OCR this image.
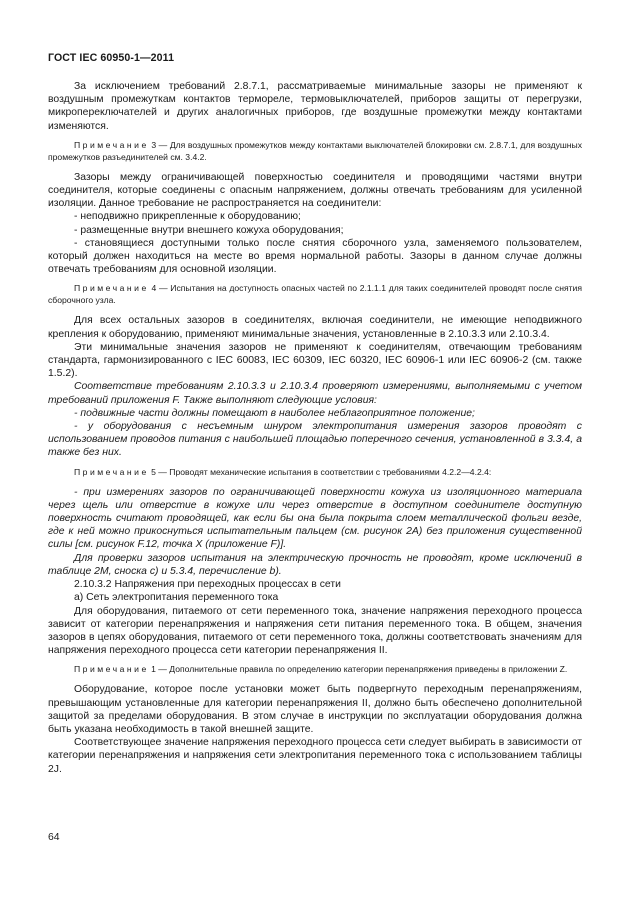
ГОСТ IEC 60950-1—2011

За исключением требований 2.8.7.1, рассматриваемые минимальные зазоры не применяют к воздушным промежуткам контактов термореле, термовыключателей, приборов защиты от перегрузки, микропереключателей и других аналогичных приборов, где воздушные промежутки между контактами изменяются.

Примечание 3 — Для воздушных промежутков между контактами выключателей блокировки см. 2.8.7.1, для воздушных промежутков разъединителей см. 3.4.2.

Зазоры между ограничивающей поверхностью соединителя и проводящими частями внутри соединителя, которые соединены с опасным напряжением, должны отвечать требованиям для усиленной изоляции. Данное требование не распространяется на соединители:

- неподвижно прикрепленные к оборудованию;

- размещенные внутри внешнего кожуха оборудования;

- становящиеся доступными только после снятия сборочного узла, заменяемого пользователем, который должен находиться на месте во время нормальной работы. Зазоры в данном случае должны отвечать требованиям для основной изоляции.

Примечание 4 — Испытания на доступность опасных частей по 2.1.1.1 для таких соединителей проводят после снятия сборочного узла.

Для всех остальных зазоров в соединителях, включая соединители, не имеющие неподвижного крепления к оборудованию, применяют минимальные значения, установленные в 2.10.3.3 или 2.10.3.4.

Эти минимальные значения зазоров не применяют к соединителям, отвечающим требованиям стандарта, гармонизированного с IEC 60083, IEC 60309, IEC 60320, IEC 60906-1 или IEC 60906-2 (см. также 1.5.2).

Соответствие требованиям 2.10.3.3 и 2.10.3.4 проверяют измерениями, выполняемыми с учетом требований приложения F. Также выполняют следующие условия:

- подвижные части должны помещают в наиболее неблагоприятное положение;

- у оборудования с несъемным шнуром электропитания измерения зазоров проводят с использованием проводов питания с наибольшей площадью поперечного сечения, установленной в 3.3.4, а также без них.

Примечание 5 — Проводят механические испытания в соответствии с требованиями 4.2.2—4.2.4:

- при измерениях зазоров по ограничивающей поверхности кожуха из изоляционного материала через щель или отверстие в кожухе или через отверстие в доступном соединителе доступную поверхность считают проводящей, как если бы она была покрыта слоем металлической фольги везде, где к ней можно прикоснуться испытательным пальцем (см. рисунок 2А) без приложения существенной силы [см. рисунок F.12, точка X (приложение F)].

Для проверки зазоров испытания на электрическую прочность не проводят, кроме исключений в таблице 2М, сноска с) и 5.3.4, перечисление b).

2.10.3.2 Напряжения при переходных процессах в сети

а) Сеть электропитания переменного тока

Для оборудования, питаемого от сети переменного тока, значение напряжения переходного процесса зависит от категории перенапряжения и напряжения сети питания переменного тока. В общем, значения зазоров в цепях оборудования, питаемого от сети переменного тока, должны соответствовать значениям для напряжения переходного процесса сети категории перенапряжения II.

Примечание 1 — Дополнительные правила по определению категории перенапряжения приведены в приложении Z.

Оборудование, которое после установки может быть подвергнуто переходным перенапряжениям, превышающим установленные для категории перенапряжения II, должно быть обеспечено дополнительной защитой за пределами оборудования. В этом случае в инструкции по эксплуатации оборудования должна быть указана необходимость в такой внешней защите.

Соответствующее значение напряжения переходного процесса сети следует выбирать в зависимости от категории перенапряжения и напряжения сети электропитания переменного тока с использованием таблицы 2J.

64
